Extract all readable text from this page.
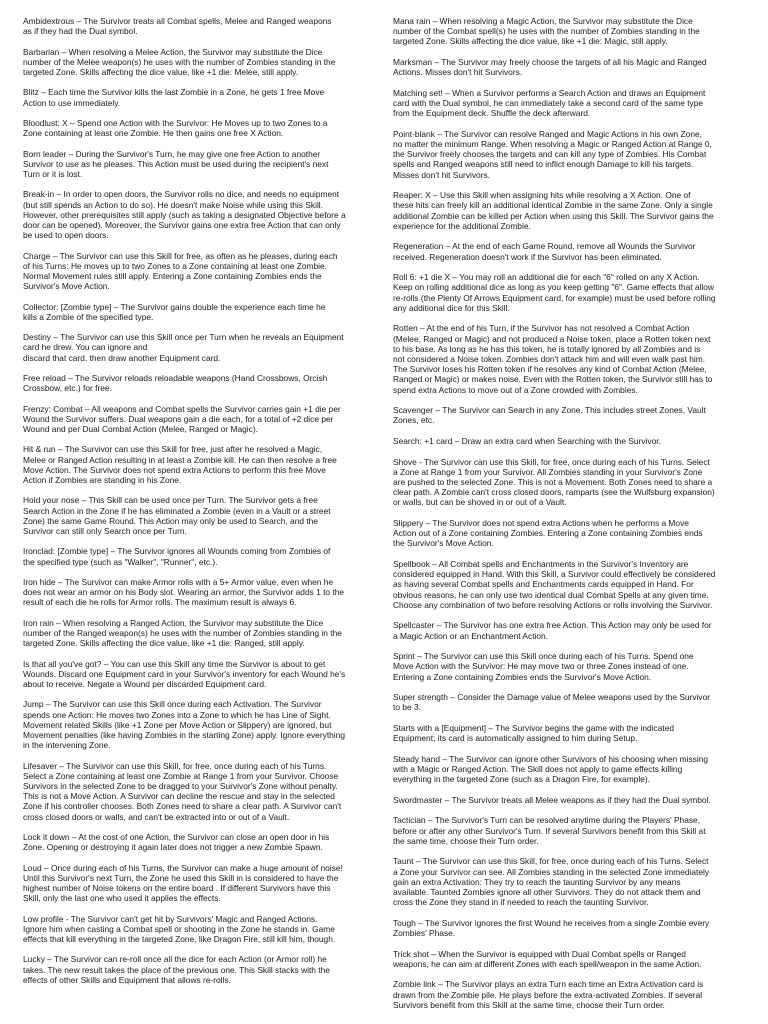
Ambidextrous – The Survivor treats all Combat spells, Melee and Ranged weapons
as if they had the Dual symbol.

Barbarian – When resolving a Melee Action, the Survivor may substitute the Dice
number of the Melee weapon(s) he uses with the number of Zombies standing in the
targeted Zone. Skills affecting the dice value, like +1 die: Melee, still apply.

Blitz – Each time the Survivor kills the last Zombie in a Zone, he gets 1 free Move
Action to use immediately.

Bloodlust: X – Spend one Action with the Survivor: He Moves up to two Zones to a
Zone containing at least one Zombie. He then gains one free X Action.

Born leader – During the Survivor's Turn, he may give one free Action to another
Survivor to use as he pleases. This Action must be used during the recipient's next
Turn or it is lost.

Break-in – In order to open doors, the Survivor rolls no dice, and needs no equipment
(but still spends an Action to do so). He doesn't make Noise while using this Skill.
However, other prerequisites still apply (such as taking a designated Objective before a
door can be opened). Moreover, the Survivor gains one extra free Action that can only
be used to open doors.

Charge – The Survivor can use this Skill for free, as often as he pleases, during each
of his Turns: He moves up to two Zones to a Zone containing at least one Zombie.
Normal Movement rules still apply. Entering a Zone containing Zombies ends the
Survivor's Move Action.

Collector: [Zombie type] – The Survivor gains double the experience each time he
kills a Zombie of the specified type.

Destiny – The Survivor can use this Skill once per Turn when he reveals an Equipment
card he drew. You can ignore and
discard that card, then draw another Equipment card.

Free reload – The Survivor reloads reloadable weapons (Hand Crossbows, Orcish
Crossbow, etc.) for free.

Frenzy: Combat – All weapons and Combat spells the Survivor carries gain +1 die per
Wound the Survivor suffers. Dual weapons gain a die each, for a total of +2 dice per
Wound and per Dual Combat Action (Melee, Ranged or Magic).

Hit & run – The Survivor can use this Skill for free, just after he resolved a Magic,
Melee or Ranged Action resulting in at least a Zombie kill. He can then resolve a free
Move Action. The Survivor does not spend extra Actions to perform this free Move
Action if Zombies are standing in his Zone.

Hold your nose – This Skill can be used once per Turn. The Survivor gets a free
Search Action in the Zone if he has eliminated a Zombie (even in a Vault or a street
Zone) the same Game Round. This Action may only be used to Search, and the
Survivor can still only Search once per Turn.

Ironclad: [Zombie type] – The Survivor ignores all Wounds coming from Zombies of
the specified type (such as "Walker", "Runner", etc.).

Iron hide – The Survivor can make Armor rolls with a 5+ Armor value, even when he
does not wear an armor on his Body slot. Wearing an armor, the Survivor adds 1 to the
result of each die he rolls for Armor rolls. The maximum result is always 6.

Iron rain – When resolving a Ranged Action, the Survivor may substitute the Dice
number of the Ranged weapon(s) he uses with the number of Zombies standing in the
targeted Zone. Skills affecting the dice value, like +1 die: Ranged, still apply.

Is that all you've got? – You can use this Skill any time the Survivor is about to get
Wounds. Discard one Equipment card in your Survivor's inventory for each Wound he's
about to receive. Negate a Wound per discarded Equipment card.

Jump – The Survivor can use this Skill once during each Activation. The Survivor
spends one Action: He moves two Zones into a Zone to which he has Line of Sight.
Movement related Skills (like +1 Zone per Move Action or Slippery) are ignored, but
Movement penalties (like having Zombies in the starting Zone) apply. Ignore everything
in the intervening Zone.

Lifesaver – The Survivor can use this Skill, for free, once during each of his Turns.
Select a Zone containing at least one Zombie at Range 1 from your Survivor. Choose
Survivors in the selected Zone to be dragged to your Survivor's Zone without penalty.
This is not a Move Action. A Survivor can decline the rescue and stay in the selected
Zone if his controller chooses. Both Zones need to share a clear path. A Survivor can't
cross closed doors or walls, and can't be extracted into or out of a Vault.

Lock it down – At the cost of one Action, the Survivor can close an open door in his
Zone. Opening or destroying it again later does not trigger a new Zombie Spawn.

Loud – Once during each of his Turns, the Survivor can make a huge amount of noise!
Until this Survivor's next Turn, the Zone he used this Skill in is considered to have the
highest number of Noise tokens on the entire board . If different Survivors have this
Skill, only the last one who used it applies the effects.

Low profile - The Survivor can't get hit by Survivors' Magic and Ranged Actions.
Ignore him when casting a Combat spell or shooting in the Zone he stands in. Game
effects that kill everything in the targeted Zone, like Dragon Fire, still kill him, though.

Lucky – The Survivor can re-roll once all the dice for each Action (or Armor roll) he
takes. The new result takes the place of the previous one. This Skill stacks with the
effects of other Skills and Equipment that allows re-rolls.

Mana rain – When resolving a Magic Action, the Survivor may substitute the Dice
number of the Combat spell(s) he uses with the number of Zombies standing in the
targeted Zone. Skills affecting the dice value, like +1 die: Magic, still apply.

Marksman – The Survivor may freely choose the targets of all his Magic and Ranged
Actions. Misses don't hit Survivors.

Matching set! – When a Survivor performs a Search Action and draws an Equipment
card with the Dual symbol, he can immediately take a second card of the same type
from the Equipment deck. Shuffle the deck afterward.

Point-blank – The Survivor can resolve Ranged and Magic Actions in his own Zone,
no matter the minimum Range. When resolving a Magic or Ranged Action at Range 0,
the Survivor freely chooses the targets and can kill any type of Zombies. His Combat
spells and Ranged weapons still need to inflict enough Damage to kill his targets.
Misses don't hit Survivors.

Reaper: X – Use this Skill when assigning hits while resolving a X Action. One of
these hits can freely kill an additional identical Zombie in the same Zone. Only a single
additional Zombie can be killed per Action when using this Skill. The Survivor gains the
experience for the additional Zombie.

Regeneration – At the end of each Game Round, remove all Wounds the Survivor
received. Regeneration doesn't work if the Survivor has been eliminated.

Roll 6: +1 die X – You may roll an additional die for each "6" rolled on any X Action.
Keep on rolling additional dice as long as you keep getting "6". Game effects that allow
re-rolls (the Plenty Of Arrows Equipment card, for example) must be used before rolling
any additional dice for this Skill.

Rotten – At the end of his Turn, if the Survivor has not resolved a Combat Action
(Melee, Ranged or Magic) and not produced a Noise token, place a Rotten token next
to his base. As long as he has this token, he is totally ignored by all Zombies and is
not considered a Noise token. Zombies don't attack him and will even walk past him.
The Survivor loses his Rotten token if he resolves any kind of Combat Action (Melee,
Ranged or Magic) or makes noise. Even with the Rotten token, the Survivor still has to
spend extra Actions to move out of a Zone crowded with Zombies.

Scavenger – The Survivor can Search in any Zone. This includes street Zones, Vault
Zones, etc.

Search: +1 card – Draw an extra card when Searching with the Survivor.

Shove - The Survivor can use this Skill, for free, once during each of his Turns. Select
a Zone at Range 1 from your Survivor. All Zombies standing in your Survivor's Zone
are pushed to the selected Zone. This is not a Movement. Both Zones need to share a
clear path. A Zombie can't cross closed doors, ramparts (see the Wulfsburg expansion)
or walls, but can be shoved in or out of a Vault.

Slippery – The Survivor does not spend extra Actions when he performs a Move
Action out of a Zone containing Zombies. Entering a Zone containing Zombies ends
the Survivor's Move Action.

Spellbook – All Combat spells and Enchantments in the Survivor's Inventory are
considered equipped in Hand. With this Skill, a Survivor could effectively be considered
as having several Combat spells and Enchantments cards equipped in Hand. For
obvious reasons, he can only use two identical dual Combat Spells at any given time.
Choose any combination of two before resolving Actions or rolls involving the Survivor.

Spellcaster – The Survivor has one extra free Action. This Action may only be used for
a Magic Action or an Enchantment Action.

Sprint – The Survivor can use this Skill once during each of his Turns. Spend one
Move Action with the Survivor: He may move two or three Zones instead of one.
Entering a Zone containing Zombies ends the Survivor's Move Action.

Super strength – Consider the Damage value of Melee weapons used by the Survivor
to be 3.

Starts with a [Equipment] – The Survivor begins the game with the indicated
Equipment; its card is automatically assigned to him during Setup.

Steady hand – The Survivor can ignore other Survivors of his choosing when missing
with a Magic or Ranged Action. The Skill does not apply to game effects killing
everything in the targeted Zone (such as a Dragon Fire, for example).

Swordmaster – The Survivor treats all Melee weapons as if they had the Dual symbol.

Tactician – The Survivor's Turn can be resolved anytime during the Players' Phase,
before or after any other Survivor's Turn. If several Survivors benefit from this Skill at
the same time, choose their Turn order.

Taunt – The Survivor can use this Skill, for free, once during each of his Turns. Select
a Zone your Survivor can see. All Zombies standing in the selected Zone immediately
gain an extra Activation: They try to reach the taunting Survivor by any means
available. Taunted Zombies ignore all other Survivors. They do not attack them and
cross the Zone they stand in if needed to reach the taunting Survivor.

Tough – The Survivor ignores the first Wound he receives from a single Zombie every
Zombies' Phase.

Trick shot – When the Survivor is equipped with Dual Combat spells or Ranged
weapons, he can aim at different Zones with each spell/weapon in the same Action.

Zombie link – The Survivor plays an extra Turn each time an Extra Activation card is
drawn from the Zombie pile. He plays before the extra-activated Zombies. If several
Survivors benefit from this Skill at the same time, choose their Turn order.
